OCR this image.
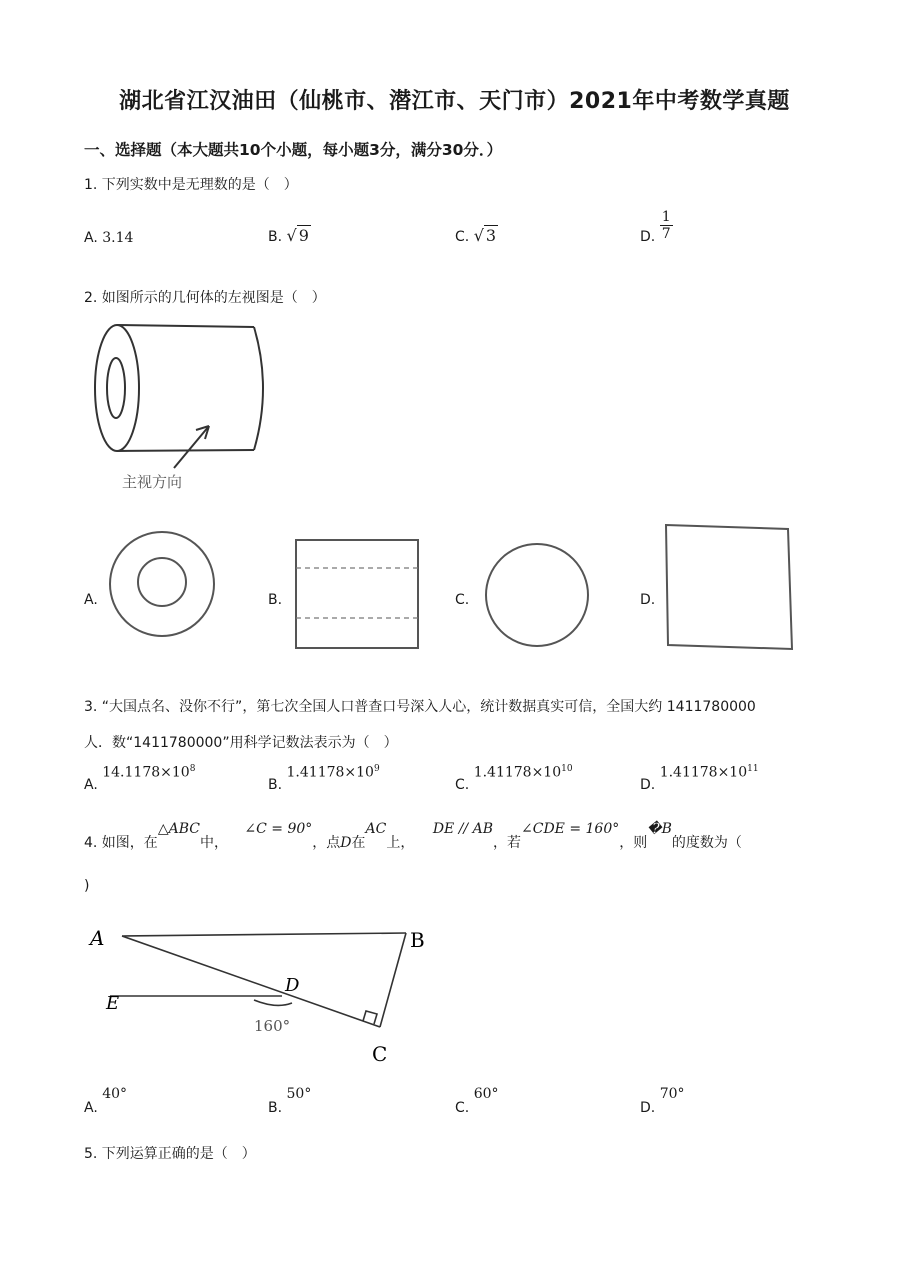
湖北省江汉油田（仙桃市、潜江市、天门市）2021年中考数学真题
一、选择题（本大题共10个小题，每小题3分，满分30分．）
1. 下列实数中是无理数的是（　）
A. 3.14	B. √ 9	C. √ 3	D. $\frac{1}{7}$
2. 如图所示的几何体的左视图是（　）
主视方向
A.	B.	C.	D.
3. “大国点名、没你不行”，第七次全国人口普查口号深入人心，统计数据真实可信，全国大约 1411780000
人．数“1411780000”用科学记数法表示为（　）
A. $14.1178\times 10^8$
B. $1.41178\times 10^9$
C. $1.41178\times 10^{10}$
D. $1.41178\times 10^{11}$
4. 如图，在△ABC中， ∠C = 90°，点D在AC上， DE // AB，若∠CDE = 160°，则�B的度数为（
)
A	B
C
D
E
160°
A. 40°
B. 50°
C. 60°
D. 70°
5. 下列运算正确的是（　）
